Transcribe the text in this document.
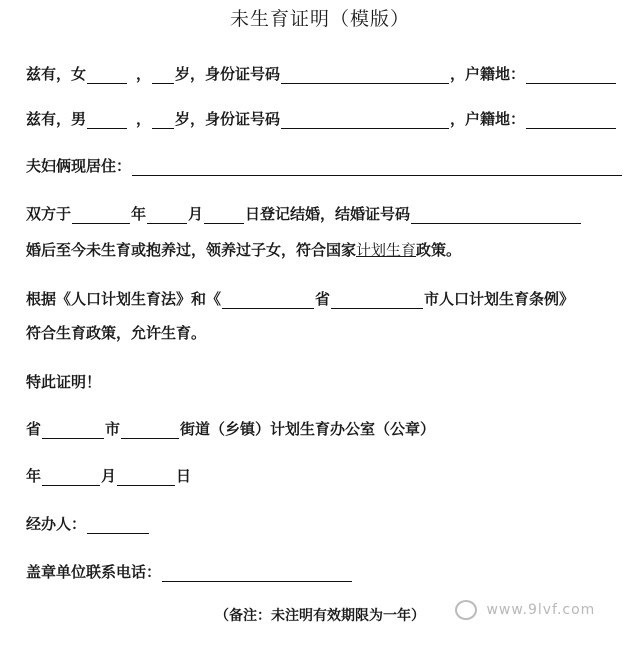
未生育证明（模版）
兹有，女	， 岁，身份证号码	，户籍地：
兹有，男	， 岁，身份证号码	，户籍地：
夫妇俩现居住：
双方于	年	月	日登记结婚，结婚证号码
婚后至今未生育或抱养过，领养过子女，符合国家 计划生育 政策。
根据《人口计划生育法》和《	省	市人口计划生育条例》
符合生育政策，允许生育。
特此证明！
省	市	街道（乡镇）计划生育办公室（公章）
年	月	日
经办人：
盖章单位联系电话：
（备注：未注明有效期限为一年）	www.9lvf.com
